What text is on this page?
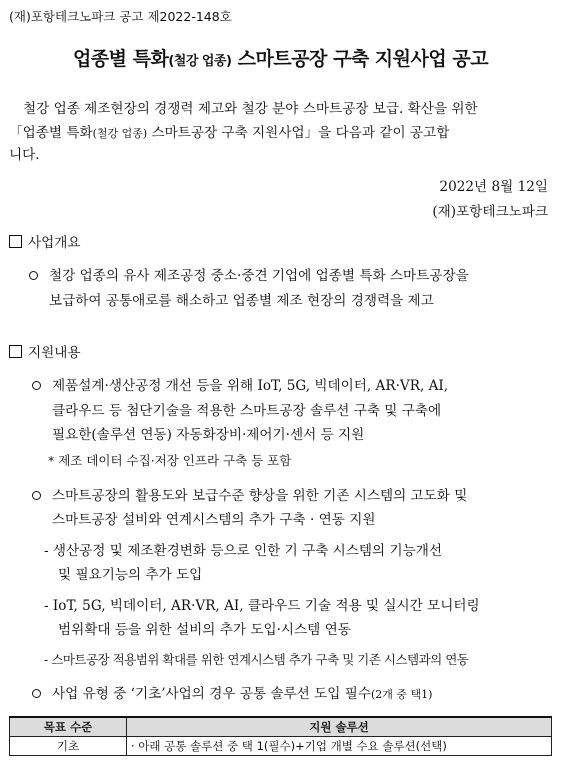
(재)포항테크노파크 공고 제2022-148호
업종별 특화(철강 업종) 스마트공장 구축 지원사업 공고
철강 업종 제조현장의 경쟁력 제고와 철강 분야 스마트공장 보급. 확산을 위한
「업종별 특화(철강 업종) 스마트공장 구축 지원사업」을 다음과 같이 공고합
니다.
2022년 8월 12일
(재)포항테크노파크
사업개요
철강 업종의 유사 제조공정 중소·중견 기업에 업종별 특화 스마트공장을
보급하여 공통애로를 해소하고 업종별 제조 현장의 경쟁력을 제고
지원내용
제품설계·생산공정 개선 등을 위해 IoT, 5G, 빅데이터, AR·VR, AI,
클라우드 등 첨단기술을 적용한 스마트공장 솔루션 구축 및 구축에
필요한(솔루션 연동) 자동화장비·제어기·센서 등 지원
* 제조 데이터 수집·저장 인프라 구축 등 포함
스마트공장의 활용도와 보급수준 향상을 위한 기존 시스템의 고도화 및
스마트공장 설비와 연계시스템의 추가 구축 · 연동 지원
- 생산공정 및 제조환경변화 등으로 인한 기 구축 시스템의 기능개선
및 필요기능의 추가 도입
- IoT, 5G, 빅데이터, AR·VR, AI, 클라우드 기술 적용 및 실시간 모니터링
범위확대 등을 위한 설비의 추가 도입·시스템 연동
- 스마트공장 적용범위 확대를 위한 연계시스템 추가 구축 및 기존 시스템과의 연동
사업 유형 중 ‘기초’사업의 경우 공통 솔루션 도입 필수(2개 중 택1)
목표 수준	지원 솔루션
기초	· 아래 공통 솔루션 중 택 1(필수)+기업 개별 수요 솔루션(선택)
